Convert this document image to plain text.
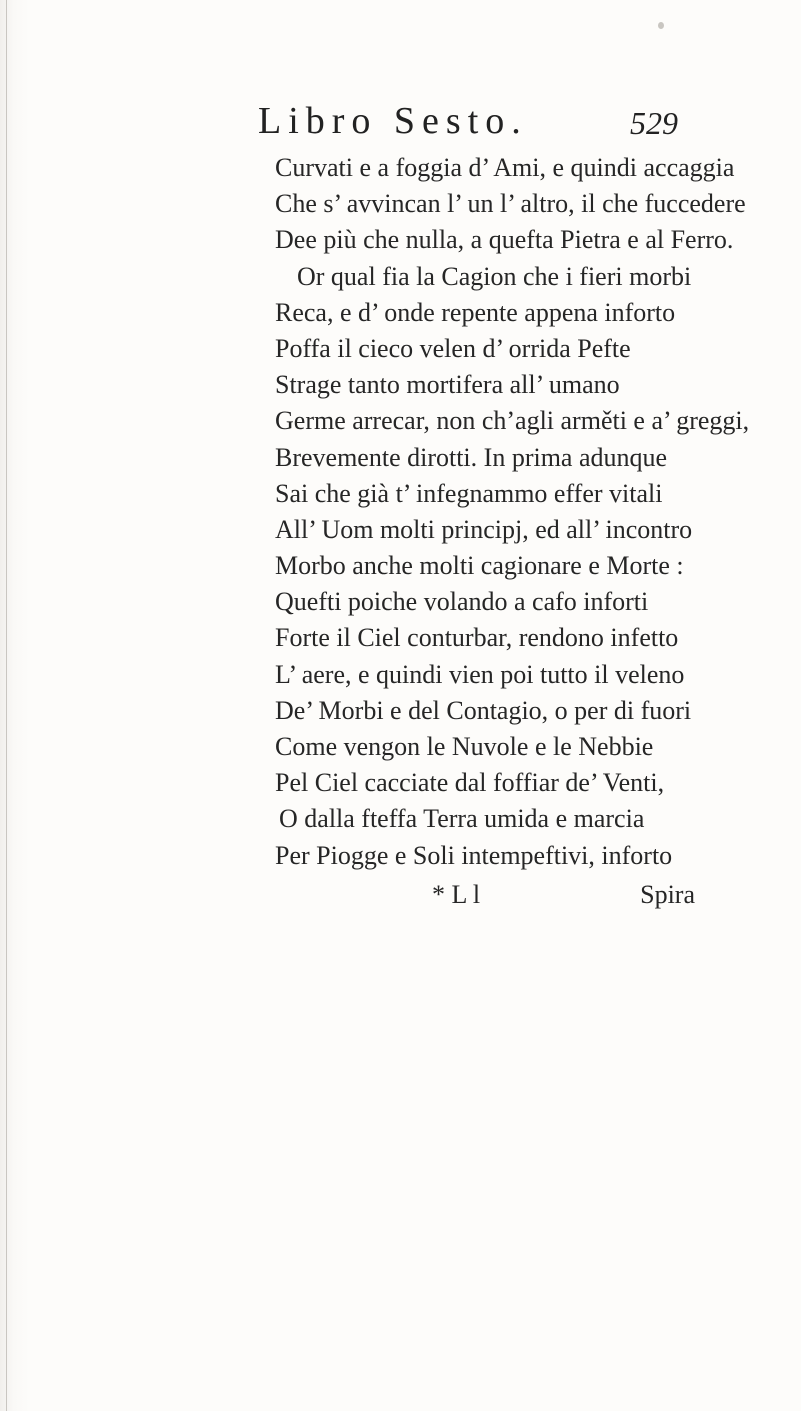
Libro Sesto.	529
Curvati e a foggia d’ Ami, e quindi accaggia
Che s’ avvincan l’ un l’ altro, il che fuccedere
Dee più che nulla, a quefta Pietra e al Ferro.
Or qual fia la Cagion che i fieri morbi
Reca, e d’ onde repente appena inforto
Poffa il cieco velen d’ orrida Pefte
Strage tanto mortifera all’ umano
Germe arrecar, non ch’agli arměti e a’ greggi,
Brevemente dirotti. In prima adunque
Sai che già t’ infegnammo effer vitali
All’ Uom molti principj, ed all’ incontro
Morbo anche molti cagionare e Morte :
Quefti poiche volando a cafo inforti
Forte il Ciel conturbar, rendono infetto
L’ aere, e quindi vien poi tutto il veleno
De’ Morbi e del Contagio, o per di fuori
Come vengon le Nuvole e le Nebbie
Pel Ciel cacciate dal foffiar de’ Venti,
O dalla fteffa Terra umida e marcia
Per Piogge e Soli intempeftivi, inforto
* L l	Spira
